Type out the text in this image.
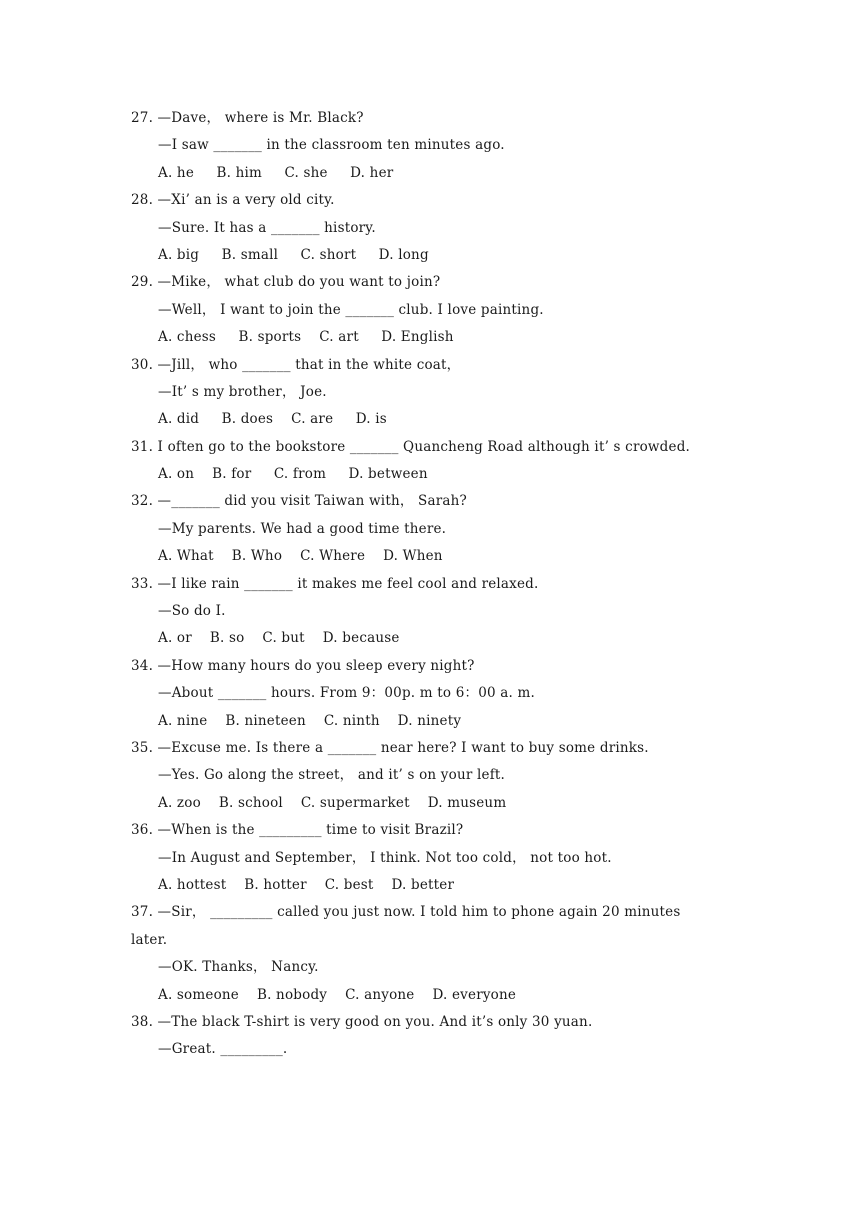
27. —Dave， where is Mr. Black?
—I saw _______ in the classroom ten minutes ago.
A. he     B. him     C. she     D. her
28. —Xi’ an is a very old city.
—Sure. It has a _______ history.
A. big     B. small     C. short     D. long
29. —Mike， what club do you want to join?
—Well， I want to join the _______ club. I love painting.
A. chess     B. sports    C. art     D. English
30. —Jill， who _______ that in the white coat，
—It’ s my brother， Joe.
A. did     B. does    C. are     D. is
31. I often go to the bookstore _______ Quancheng Road although it’ s crowded.
A. on    B. for     C. from     D. between
32. —_______ did you visit Taiwan with， Sarah?
—My parents. We had a good time there.
A. What    B. Who    C. Where    D. When
33. —I like rain _______ it makes me feel cool and relaxed.
—So do I.
A. or    B. so    C. but    D. because
34. —How many hours do you sleep every night?
—About _______ hours. From 9：00p. m to 6：00 a. m.
A. nine    B. nineteen    C. ninth    D. ninety
35. —Excuse me. Is there a _______ near here? I want to buy some drinks.
—Yes. Go along the street， and it’ s on your left.
A. zoo    B. school    C. supermarket    D. museum
36. —When is the _________ time to visit Brazil?
—In August and September， I think. Not too cold， not too hot.
A. hottest    B. hotter    C. best    D. better
37. —Sir， _________ called you just now. I told him to phone again 20 minutes
later.
—OK. Thanks， Nancy.
A. someone    B. nobody    C. anyone    D. everyone
38. —The black T-shirt is very good on you. And it’s only 30 yuan.
—Great. _________.
